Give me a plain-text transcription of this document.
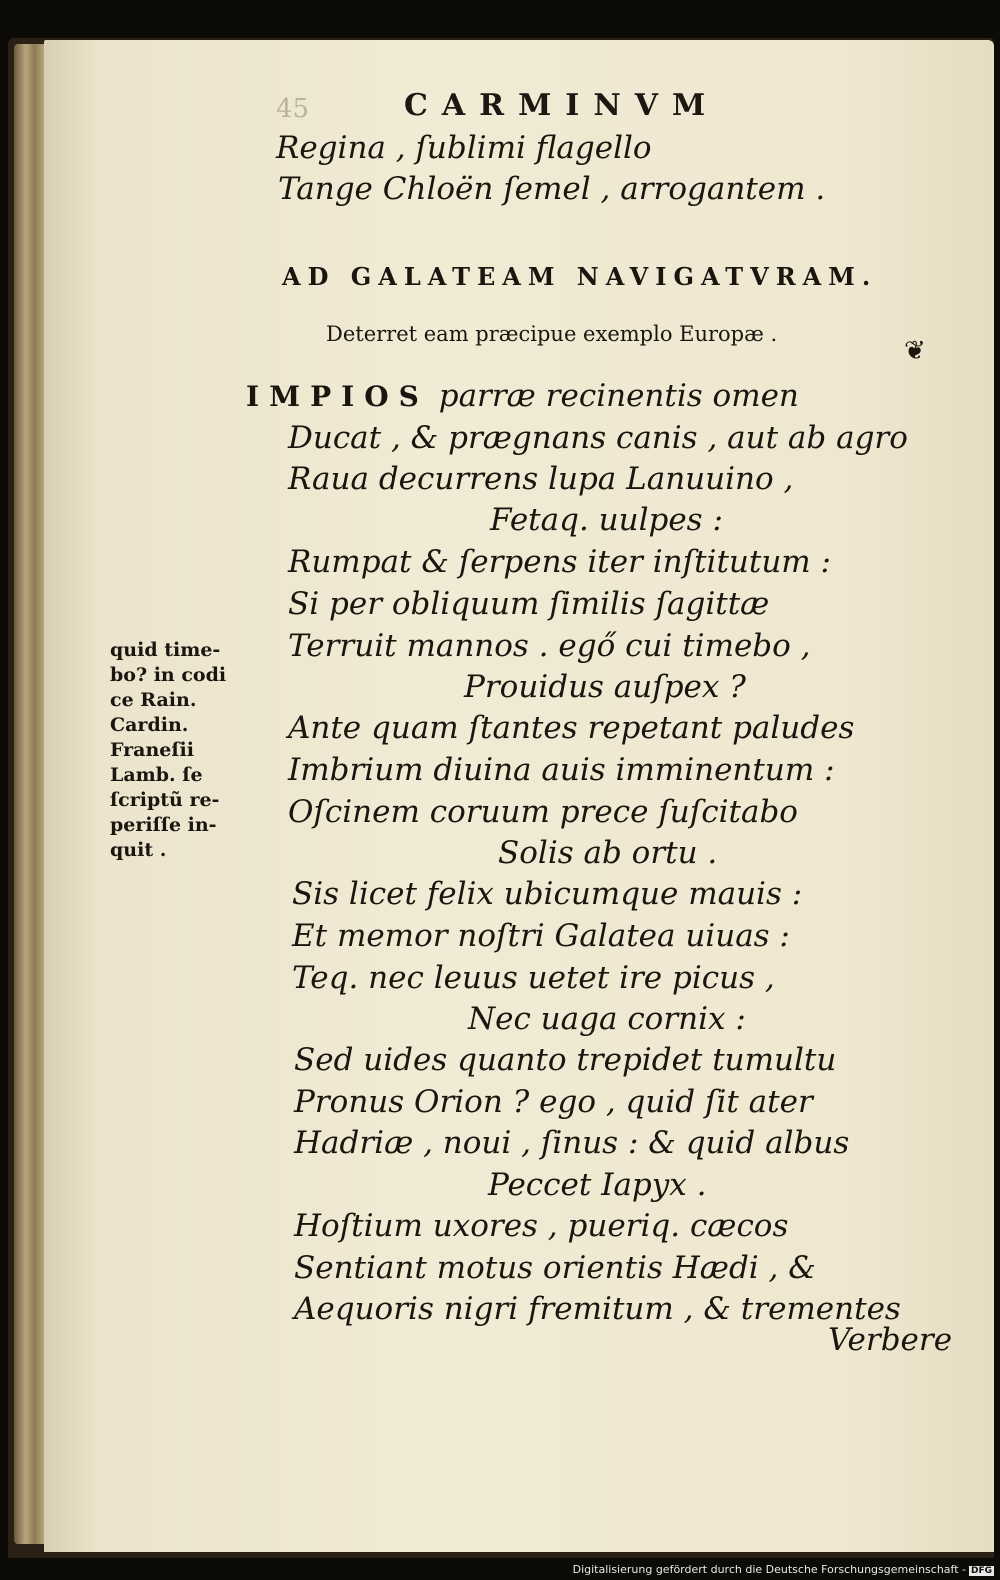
45	CARMINVM
Regina , ſublimi flagello
Tange Chloën ſemel , arrogantem .
AD GALATEAM NAVIGATVRAM.
Deterret eam præcipue exemplo Europæ .
❦
IMPIOS parræ recinentis omen
Ducat , & prægnans canis , aut ab agro
Raua decurrens lupa Lanuuino ,
Fetaq. uulpes :
Rumpat & ſerpens iter inſtitutum :
Si per obliquum ſimilis ſagittæ
Terruit mannos . egő cui timebo ,
Prouidus auſpex ?
Ante quam ſtantes repetant paludes
Imbrium diuina auis imminentum :
Oſcinem coruum prece ſuſcitabo
Solis ab ortu .
Sis licet felix ubicumque mauis :
Et memor noſtri Galatea uiuas :
Teq. nec leuus uetet ire picus ,
Nec uaga cornix :
Sed uides quanto trepidet tumultu
Pronus Orion ? ego , quid ſit ater
Hadriæ , noui , ſinus : & quid albus
Peccet Iapyx .
Hoſtium uxores , pueriq. cæcos
Sentiant motus orientis Hædi , &
Aequoris nigri fremitum , & trementes
quid time-
bo? in codi
ce Rain.
Cardin.
Franeſii
Lamb. ſe
ſcriptũ re-
periſſe in-
quit .
Verbere
Digitalisierung gefördert durch die Deutsche Forschungsgemeinschaft - DFG
